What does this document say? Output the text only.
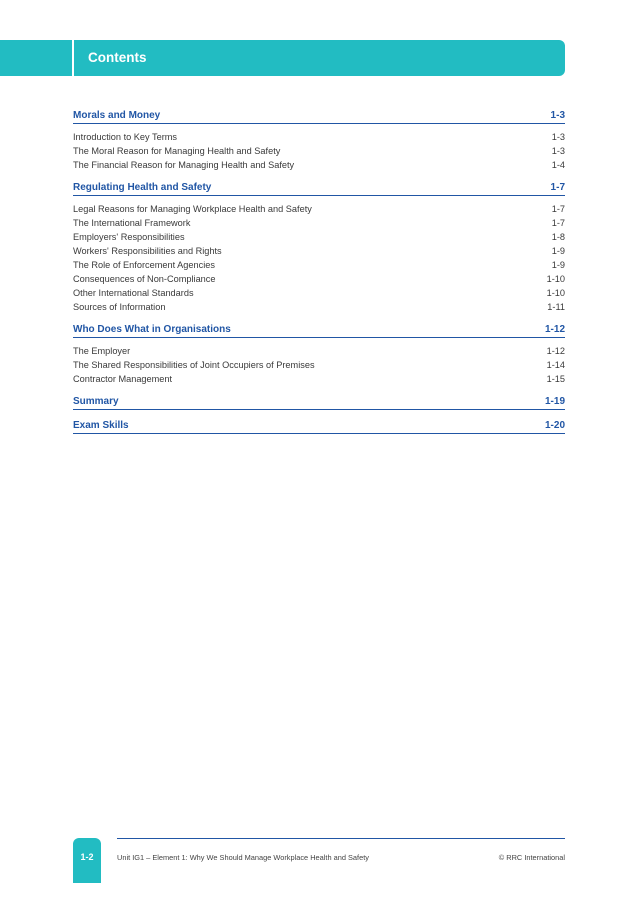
Contents
Morals and Money	1-3
Introduction to Key Terms	1-3
The Moral Reason for Managing Health and Safety	1-3
The Financial Reason for Managing Health and Safety	1-4
Regulating Health and Safety	1-7
Legal Reasons for Managing Workplace Health and Safety	1-7
The International Framework	1-7
Employers' Responsibilities	1-8
Workers' Responsibilities and Rights	1-9
The Role of Enforcement Agencies	1-9
Consequences of Non-Compliance	1-10
Other International Standards	1-10
Sources of Information	1-11
Who Does What in Organisations	1-12
The Employer	1-12
The Shared Responsibilities of Joint Occupiers of Premises	1-14
Contractor Management	1-15
Summary	1-19
Exam Skills	1-20
1-2	Unit IG1 – Element 1: Why We Should Manage Workplace Health and Safety	© RRC International
